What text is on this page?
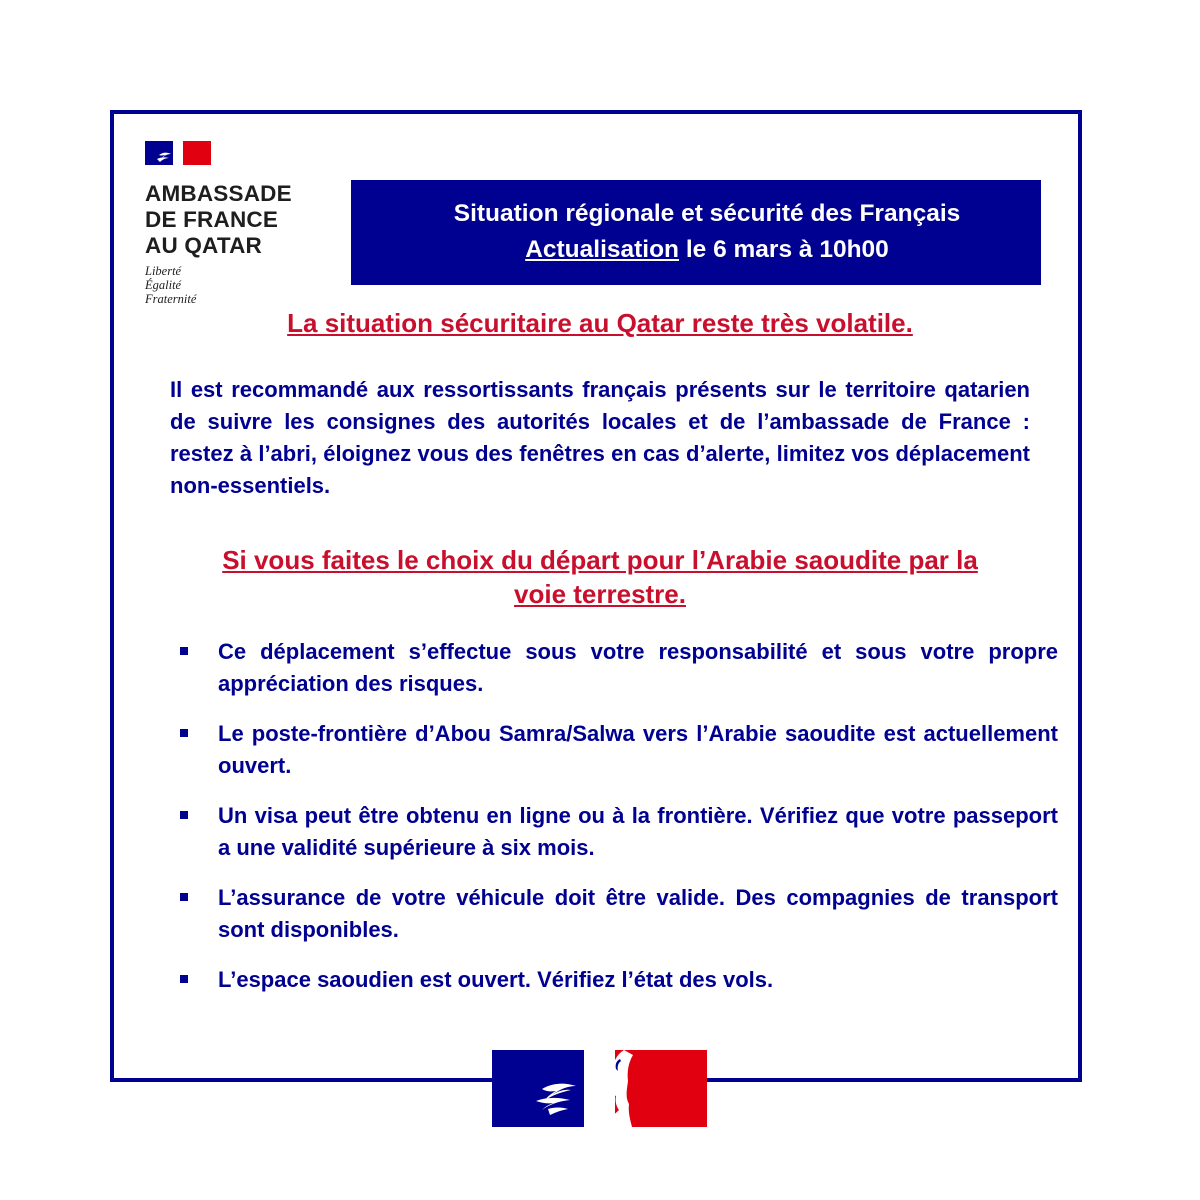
AMBASSADE
DE FRANCE
AU QATAR
Liberté
Égalité
Fraternité
Situation régionale et sécurité des Français
Actualisation le 6 mars à 10h00
La situation sécuritaire au Qatar reste très volatile.
Il est recommandé aux ressortissants français présents sur le territoire qatarien de suivre les consignes des autorités locales et de l’ambassade de France : restez à l’abri, éloignez vous des fenêtres en cas d’alerte, limitez vos déplacement non-essentiels.
Si vous faites le choix du départ pour l’Arabie saoudite par la
voie terrestre.
Ce déplacement s’effectue sous votre responsabilité et sous votre propre appréciation des risques.
Le poste-frontière d’Abou Samra/Salwa vers l’Arabie saoudite est actuellement ouvert.
Un visa peut être obtenu en ligne ou à la frontière. Vérifiez que votre passeport a une validité supérieure à six mois.
L’assurance de votre véhicule doit être valide. Des compagnies de transport sont disponibles.
L’espace saoudien est ouvert. Vérifiez l’état des vols.
